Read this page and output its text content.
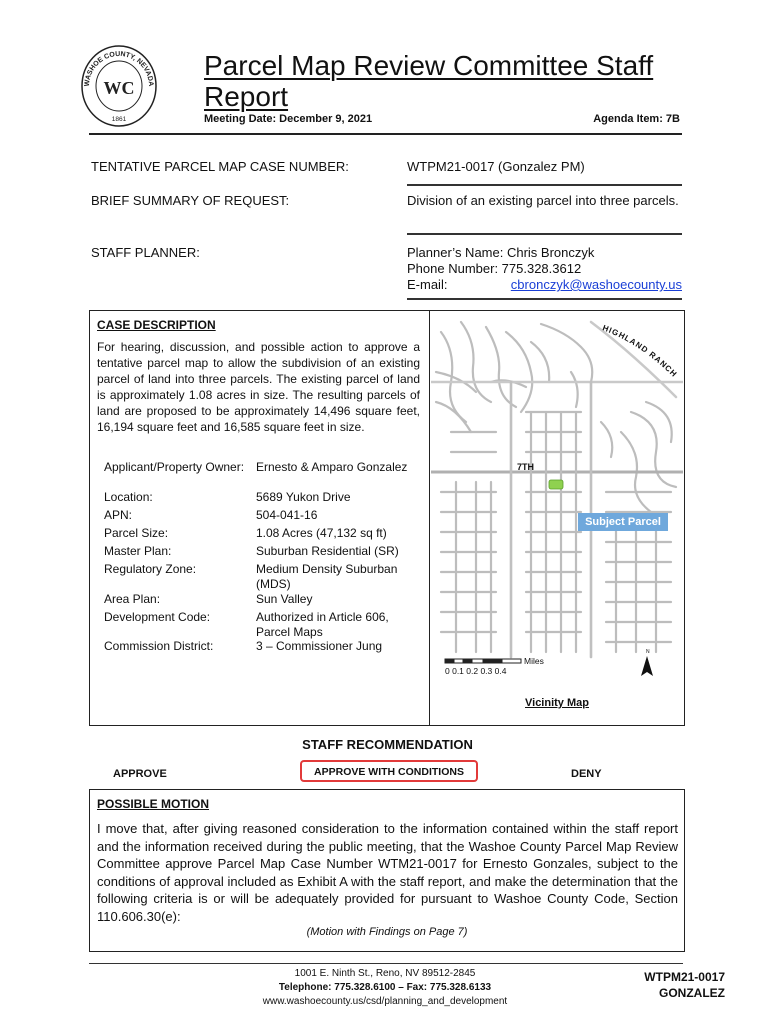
WASHOE COUNTY, NEVADA
WC
1861
Parcel Map Review Committee Staff Report
Meeting Date: December 9, 2021	Agenda Item: 7B
TENTATIVE PARCEL MAP CASE NUMBER:	WTPM21-0017 (Gonzalez PM)
BRIEF SUMMARY OF REQUEST:	Division of an existing parcel into three parcels.
STAFF PLANNER:	Planner’s Name: Chris Bronczyk
Phone Number: 775.328.3612
E-mail:	cbronczyk@washoecounty.us
CASE DESCRIPTION
For hearing, discussion, and possible action to approve a tentative parcel map to allow the subdivision of an existing parcel of land into three parcels. The existing parcel of land is approximately 1.08 acres in size. The resulting parcels of land are proposed to be approximately 14,496 square feet, 16,194 square feet and 16,585 square feet in size.
Applicant/Property Owner: Ernesto & Amparo Gonzalez
Location:	5689 Yukon Drive
APN:	504-041-16
Parcel Size:	1.08 Acres (47,132 sq ft)
Master Plan:	Suburban Residential (SR)
Regulatory Zone:	Medium Density Suburban (MDS)
Area Plan:	Sun Valley
Development Code:	Authorized in Article 606, Parcel Maps
Commission District:	3 – Commissioner Jung
HIGHLAND RANCH
7TH
Subject Parcel
0 0.1 0.2 0.3 0.4
Miles
N
Vicinity Map
STAFF RECOMMENDATION
APPROVE	APPROVE WITH CONDITIONS	DENY
POSSIBLE MOTION
I move that, after giving reasoned consideration to the information contained within the staff report and the information received during the public meeting, that the Washoe County Parcel Map Review Committee approve Parcel Map Case Number WTM21-0017 for Ernesto Gonzales, subject to the conditions of approval included as Exhibit A with the staff report, and make the determination that the following criteria is or will be adequately provided for pursuant to Washoe County Code, Section 110.606.30(e):
(Motion with Findings on Page 7)
1001 E. Ninth St., Reno, NV 89512-2845
Telephone: 775.328.6100 – Fax: 775.328.6133
www.washoecounty.us/csd/planning_and_development
WTPM21-0017
GONZALEZ
